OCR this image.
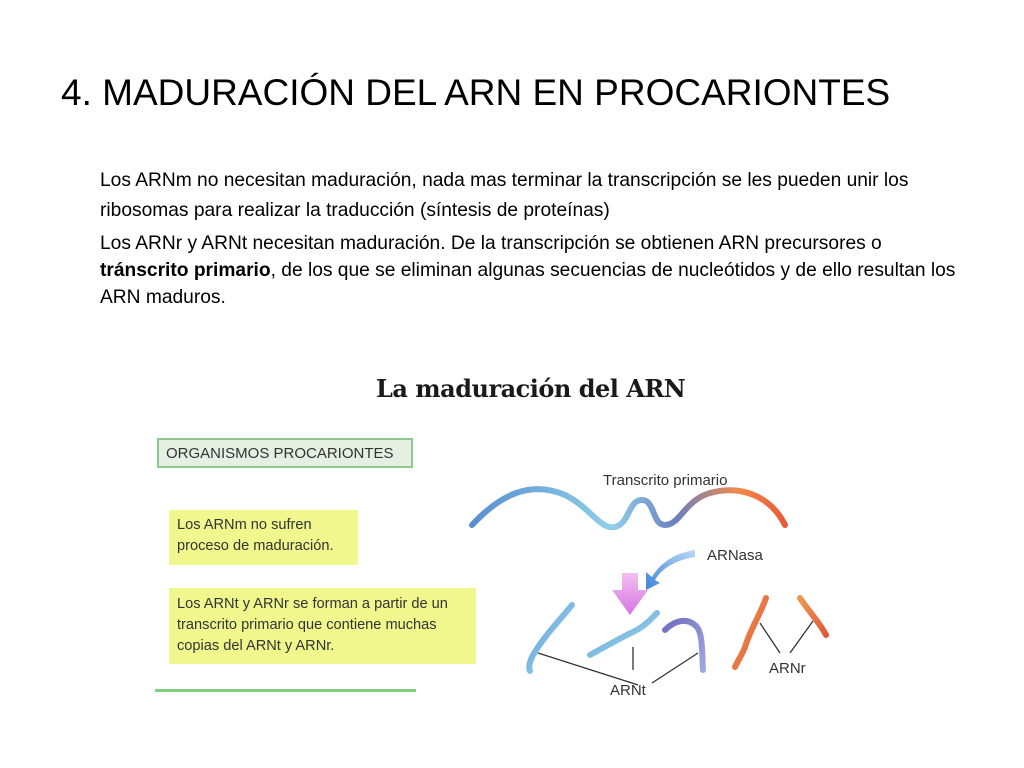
4. MADURACIÓN DEL ARN EN PROCARIONTES

Los ARNm no necesitan maduración, nada mas terminar la transcripción se les pueden unir los ribosomas para realizar la traducción (síntesis de proteínas)

Los ARNr y ARNt necesitan maduración. De la transcripción se obtienen ARN precursores o tránscrito primario, de los que se eliminan algunas secuencias de nucleótidos y de ello resultan los ARN maduros.

La maduración del ARN
ORGANISMOS PROCARIONTES
Los ARNm no sufren proceso de maduración.
Los ARNt y ARNr se forman a partir de un transcrito primario que contiene muchas copias del ARNt y ARNr.
Transcrito primario
ARNasa
ARNt
ARNr
